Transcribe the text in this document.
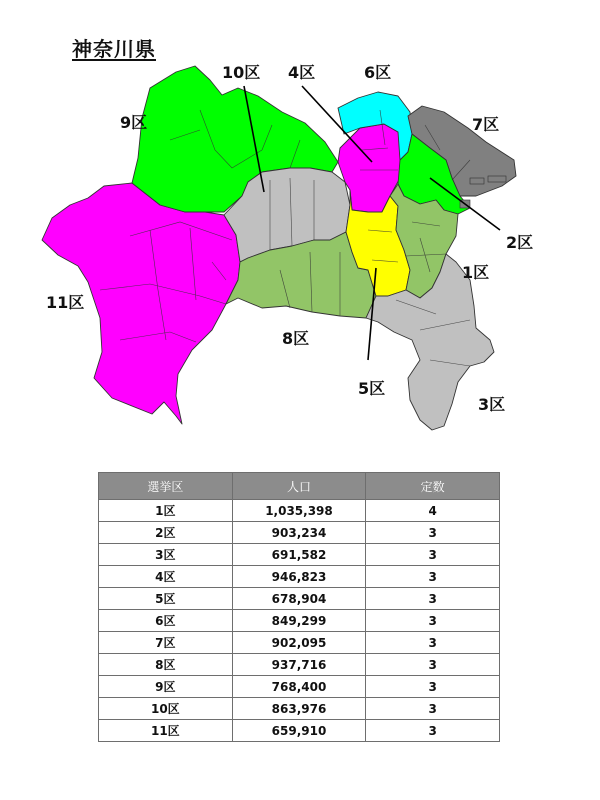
神奈川県
10区 4区	6区
9区	7区
2区
1区
11区
8区
5区
3区
選挙区	人口	定数
1区	1,035,398	4
2区	903,234	3
3区	691,582	3
4区	946,823	3
5区	678,904	3
6区	849,299	3
7区	902,095	3
8区	937,716	3
9区	768,400	3
10区	863,976	3
11区	659,910	3
